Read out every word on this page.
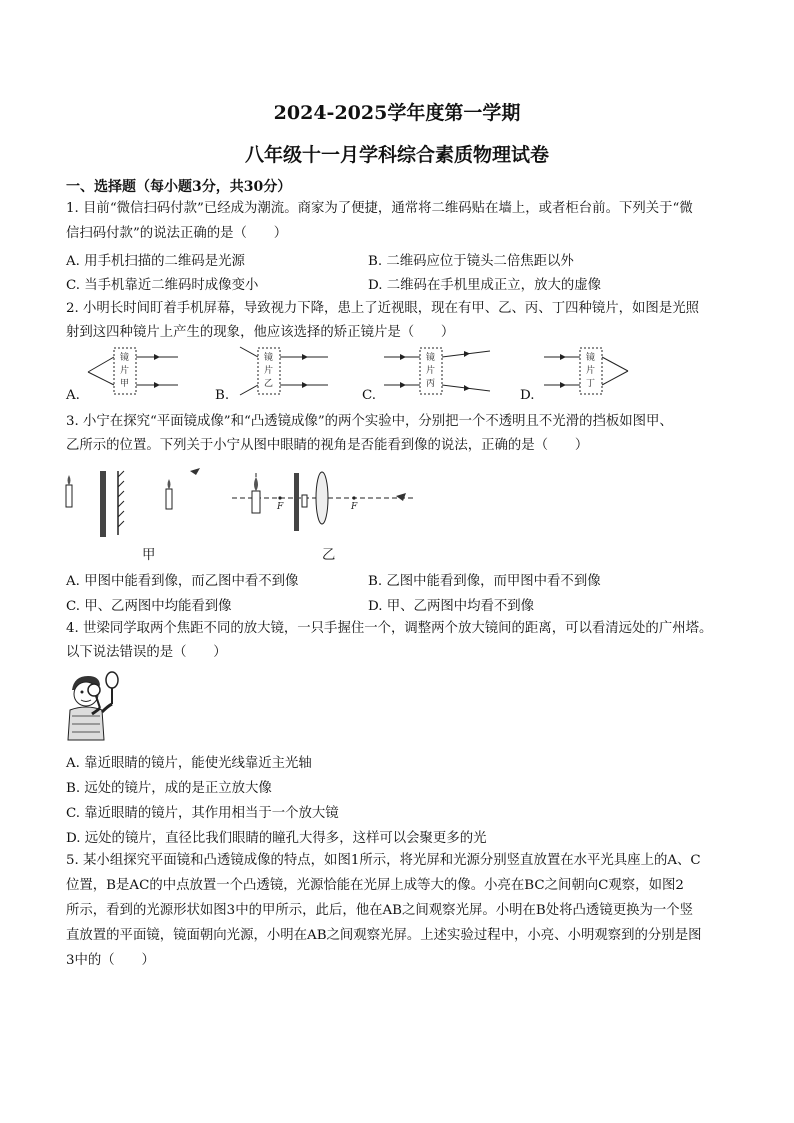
2024-2025学年度第一学期
八年级十一月学科综合素质物理试卷
一、选择题（每小题3分，共30分）
1. 目前“微信扫码付款”已经成为潮流。商家为了便捷，通常将二维码贴在墙上，或者柜台前。下列关于“微
信扫码付款”的说法正确的是（　　）
A. 用手机扫描的二维码是光源	B. 二维码应位于镜头二倍焦距以外
C. 当手机靠近二维码时成像变小	D. 二维码在手机里成正立，放大的虚像
2. 小明长时间盯着手机屏幕，导致视力下降，患上了近视眼，现在有甲、乙、丙、丁四种镜片，如图是光照
射到这四种镜片上产生的现象，他应该选择的矫正镜片是（　　）
A.	B.	C.	D.
镜
片
甲
镜
片
乙
镜
片
丙
镜
片
丁
3. 小宁在探究“平面镜成像”和“凸透镜成像”的两个实验中，分别把一个不透明且不光滑的挡板如图甲、
乙所示的位置。下列关于小宁从图中眼睛的视角是否能看到像的说法，正确的是（　　）
甲
F	F
乙
A. 甲图中能看到像，而乙图中看不到像	B. 乙图中能看到像，而甲图中看不到像
C. 甲、乙两图中均能看到像	D. 甲、乙两图中均看不到像
4. 世梁同学取两个焦距不同的放大镜，一只手握住一个，调整两个放大镜间的距离，可以看清远处的广州塔。
以下说法错误的是（　　）
A. 靠近眼睛的镜片，能使光线靠近主光轴
B. 远处的镜片，成的是正立放大像
C. 靠近眼睛的镜片，其作用相当于一个放大镜
D. 远处的镜片，直径比我们眼睛的瞳孔大得多，这样可以会聚更多的光
5. 某小组探究平面镜和凸透镜成像的特点，如图1所示，将光屏和光源分别竖直放置在水平光具座上的A、C
位置，B是AC的中点放置一个凸透镜，光源恰能在光屏上成等大的像。小亮在BC之间朝向C观察，如图2
所示，看到的光源形状如图3中的甲所示，此后，他在AB之间观察光屏。小明在B处将凸透镜更换为一个竖
直放置的平面镜，镜面朝向光源，小明在AB之间观察光屏。上述实验过程中，小亮、小明观察到的分别是图
3中的（　　）
